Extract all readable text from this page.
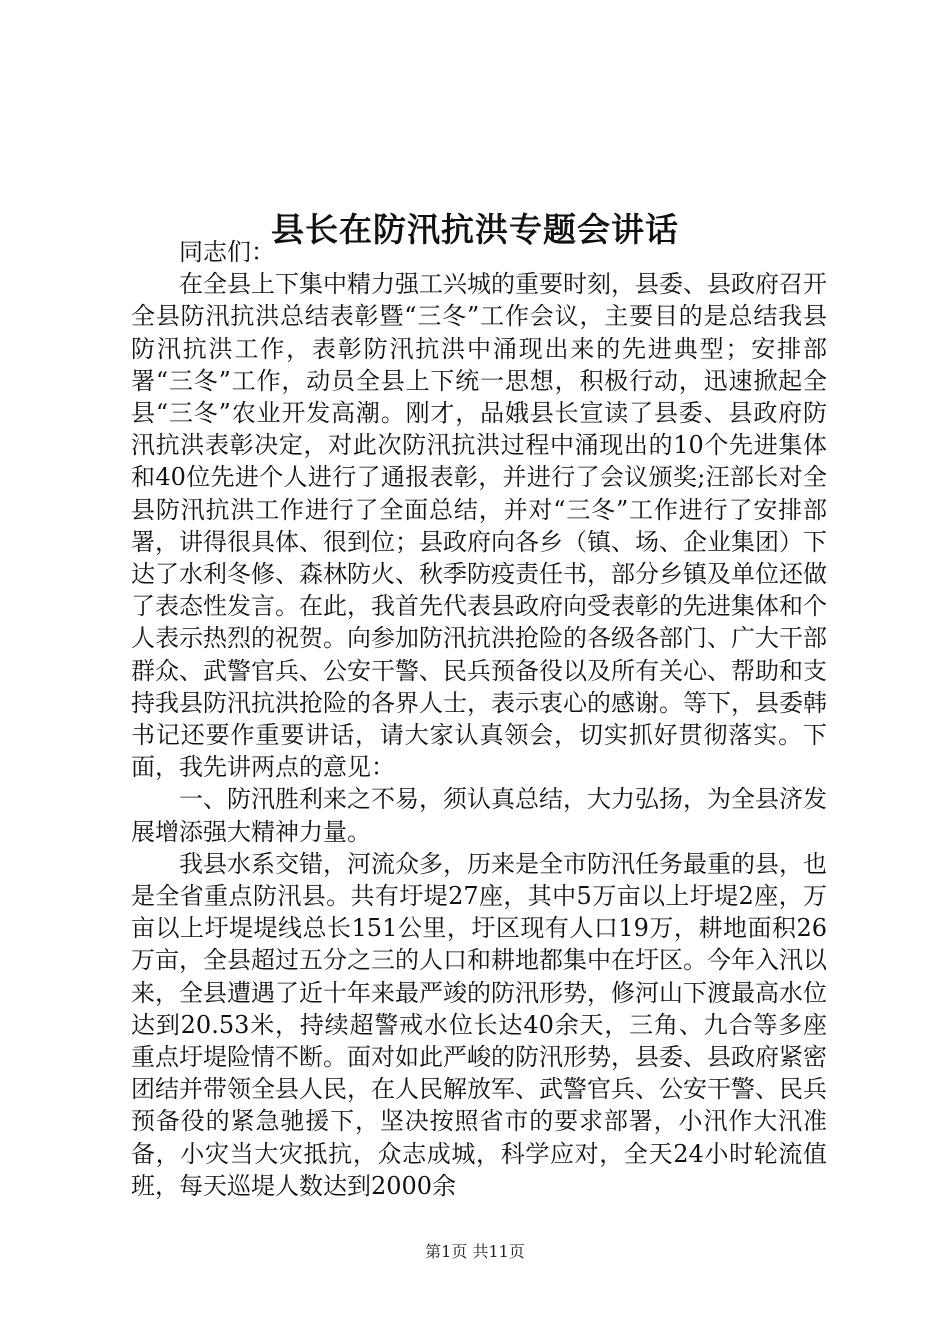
县长在防汛抗洪专题会讲话

同志们：

在全县上下集中精力强工兴城的重要时刻，县委、县政府召开全县防汛抗洪总结表彰暨“三冬”工作会议，主要目的是总结我县防汛抗洪工作，表彰防汛抗洪中涌现出来的先进典型；安排部署“三冬”工作，动员全县上下统一思想，积极行动，迅速掀起全县“三冬”农业开发高潮。刚才，品娥县长宣读了县委、县政府防汛抗洪表彰决定，对此次防汛抗洪过程中涌现出的10个先进集体和40位先进个人进行了通报表彰，并进行了会议颁奖;汪部长对全县防汛抗洪工作进行了全面总结，并对“三冬”工作进行了安排部署，讲得很具体、很到位；县政府向各乡（镇、场、企业集团）下达了水利冬修、森林防火、秋季防疫责任书，部分乡镇及单位还做了表态性发言。在此，我首先代表县政府向受表彰的先进集体和个人表示热烈的祝贺。向参加防汛抗洪抢险的各级各部门、广大干部群众、武警官兵、公安干警、民兵预备役以及所有关心、帮助和支持我县防汛抗洪抢险的各界人士，表示衷心的感谢。等下，县委韩书记还要作重要讲话，请大家认真领会，切实抓好贯彻落实。下面，我先讲两点的意见：

一、防汛胜利来之不易，须认真总结，大力弘扬，为全县济发展增添强大精神力量。

我县水系交错，河流众多，历来是全市防汛任务最重的县，也是全省重点防汛县。共有圩堤27座，其中5万亩以上圩堤2座，万亩以上圩堤堤线总长151公里，圩区现有人口19万，耕地面积26万亩，全县超过五分之三的人口和耕地都集中在圩区。今年入汛以来，全县遭遇了近十年来最严竣的防汛形势，修河山下渡最高水位达到20.53米，持续超警戒水位长达40余天，三角、九合等多座重点圩堤险情不断。面对如此严峻的防汛形势，县委、县政府紧密团结并带领全县人民，在人民解放军、武警官兵、公安干警、民兵预备役的紧急驰援下，坚决按照省市的要求部署，小汛作大汛准备，小灾当大灾抵抗，众志成城，科学应对，全天24小时轮流值班，每天巡堤人数达到2000余

第1页 共11页
